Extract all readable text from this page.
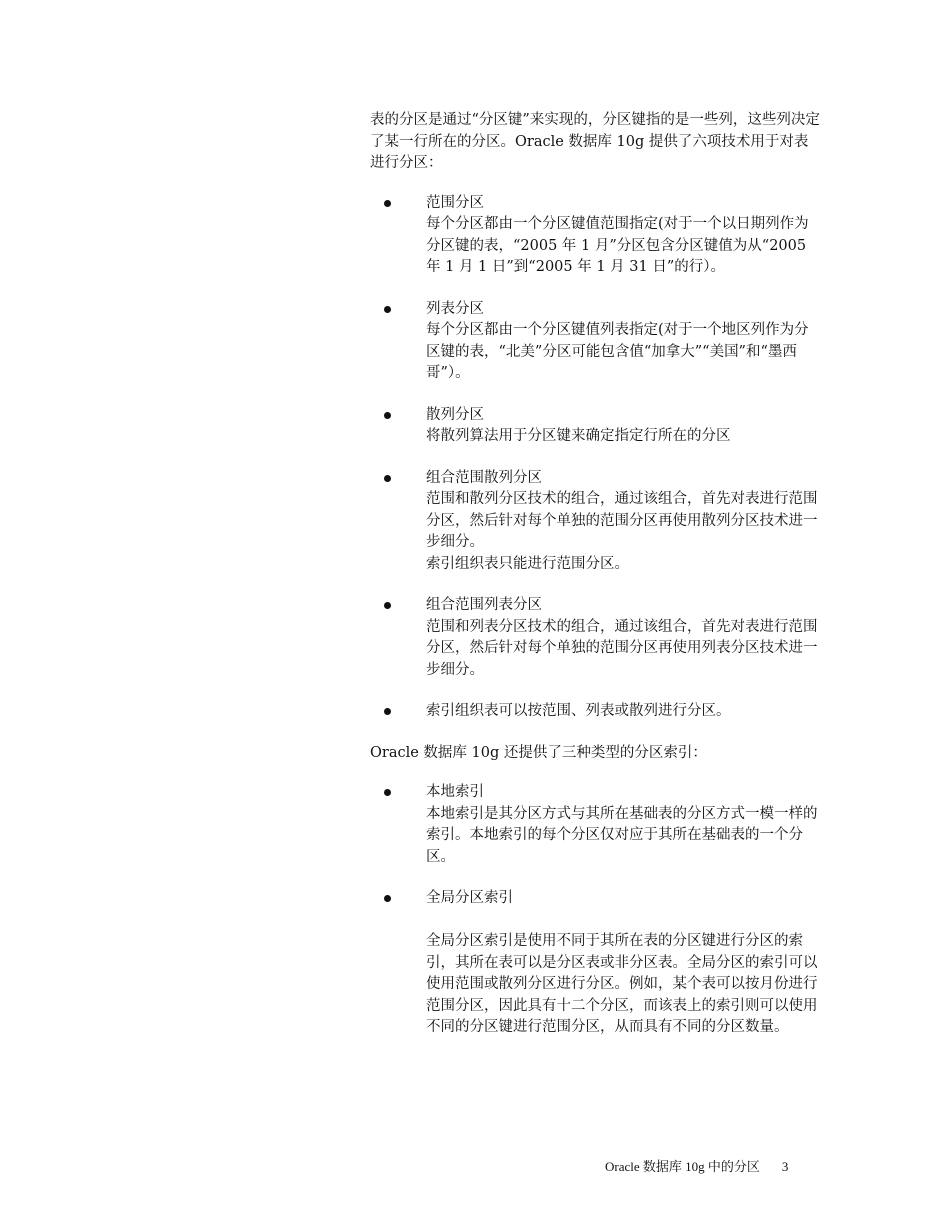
表的分区是通过“分区键”来实现的，分区键指的是一些列，这些列决定了某一行所在的分区。Oracle 数据库 10g 提供了六项技术用于对表进行分区：

范围分区
每个分区都由一个分区键值范围指定(对于一个以日期列作为分区键的表，“2005 年 1 月”分区包含分区键值为从“2005 年 1 月 1 日”到“2005 年 1 月 31 日”的行）。
列表分区
每个分区都由一个分区键值列表指定(对于一个地区列作为分区键的表，“北美”分区可能包含值“加拿大”“美国”和“墨西哥”）。
散列分区
将散列算法用于分区键来确定指定行所在的分区
组合范围散列分区
范围和散列分区技术的组合，通过该组合，首先对表进行范围分区，然后针对每个单独的范围分区再使用散列分区技术进一步细分。
索引组织表只能进行范围分区。
组合范围列表分区
范围和列表分区技术的组合，通过该组合，首先对表进行范围分区，然后针对每个单独的范围分区再使用列表分区技术进一步细分。
索引组织表可以按范围、列表或散列进行分区。

Oracle 数据库 10g 还提供了三种类型的分区索引：

本地索引
本地索引是其分区方式与其所在基础表的分区方式一模一样的索引。本地索引的每个分区仅对应于其所在基础表的一个分区。
全局分区索引
全局分区索引是使用不同于其所在表的分区键进行分区的索引，其所在表可以是分区表或非分区表。全局分区的索引可以使用范围或散列分区进行分区。例如，某个表可以按月份进行范围分区，因此具有十二个分区，而该表上的索引则可以使用不同的分区键进行范围分区，从而具有不同的分区数量。
Oracle 数据库 10g 中的分区 3
